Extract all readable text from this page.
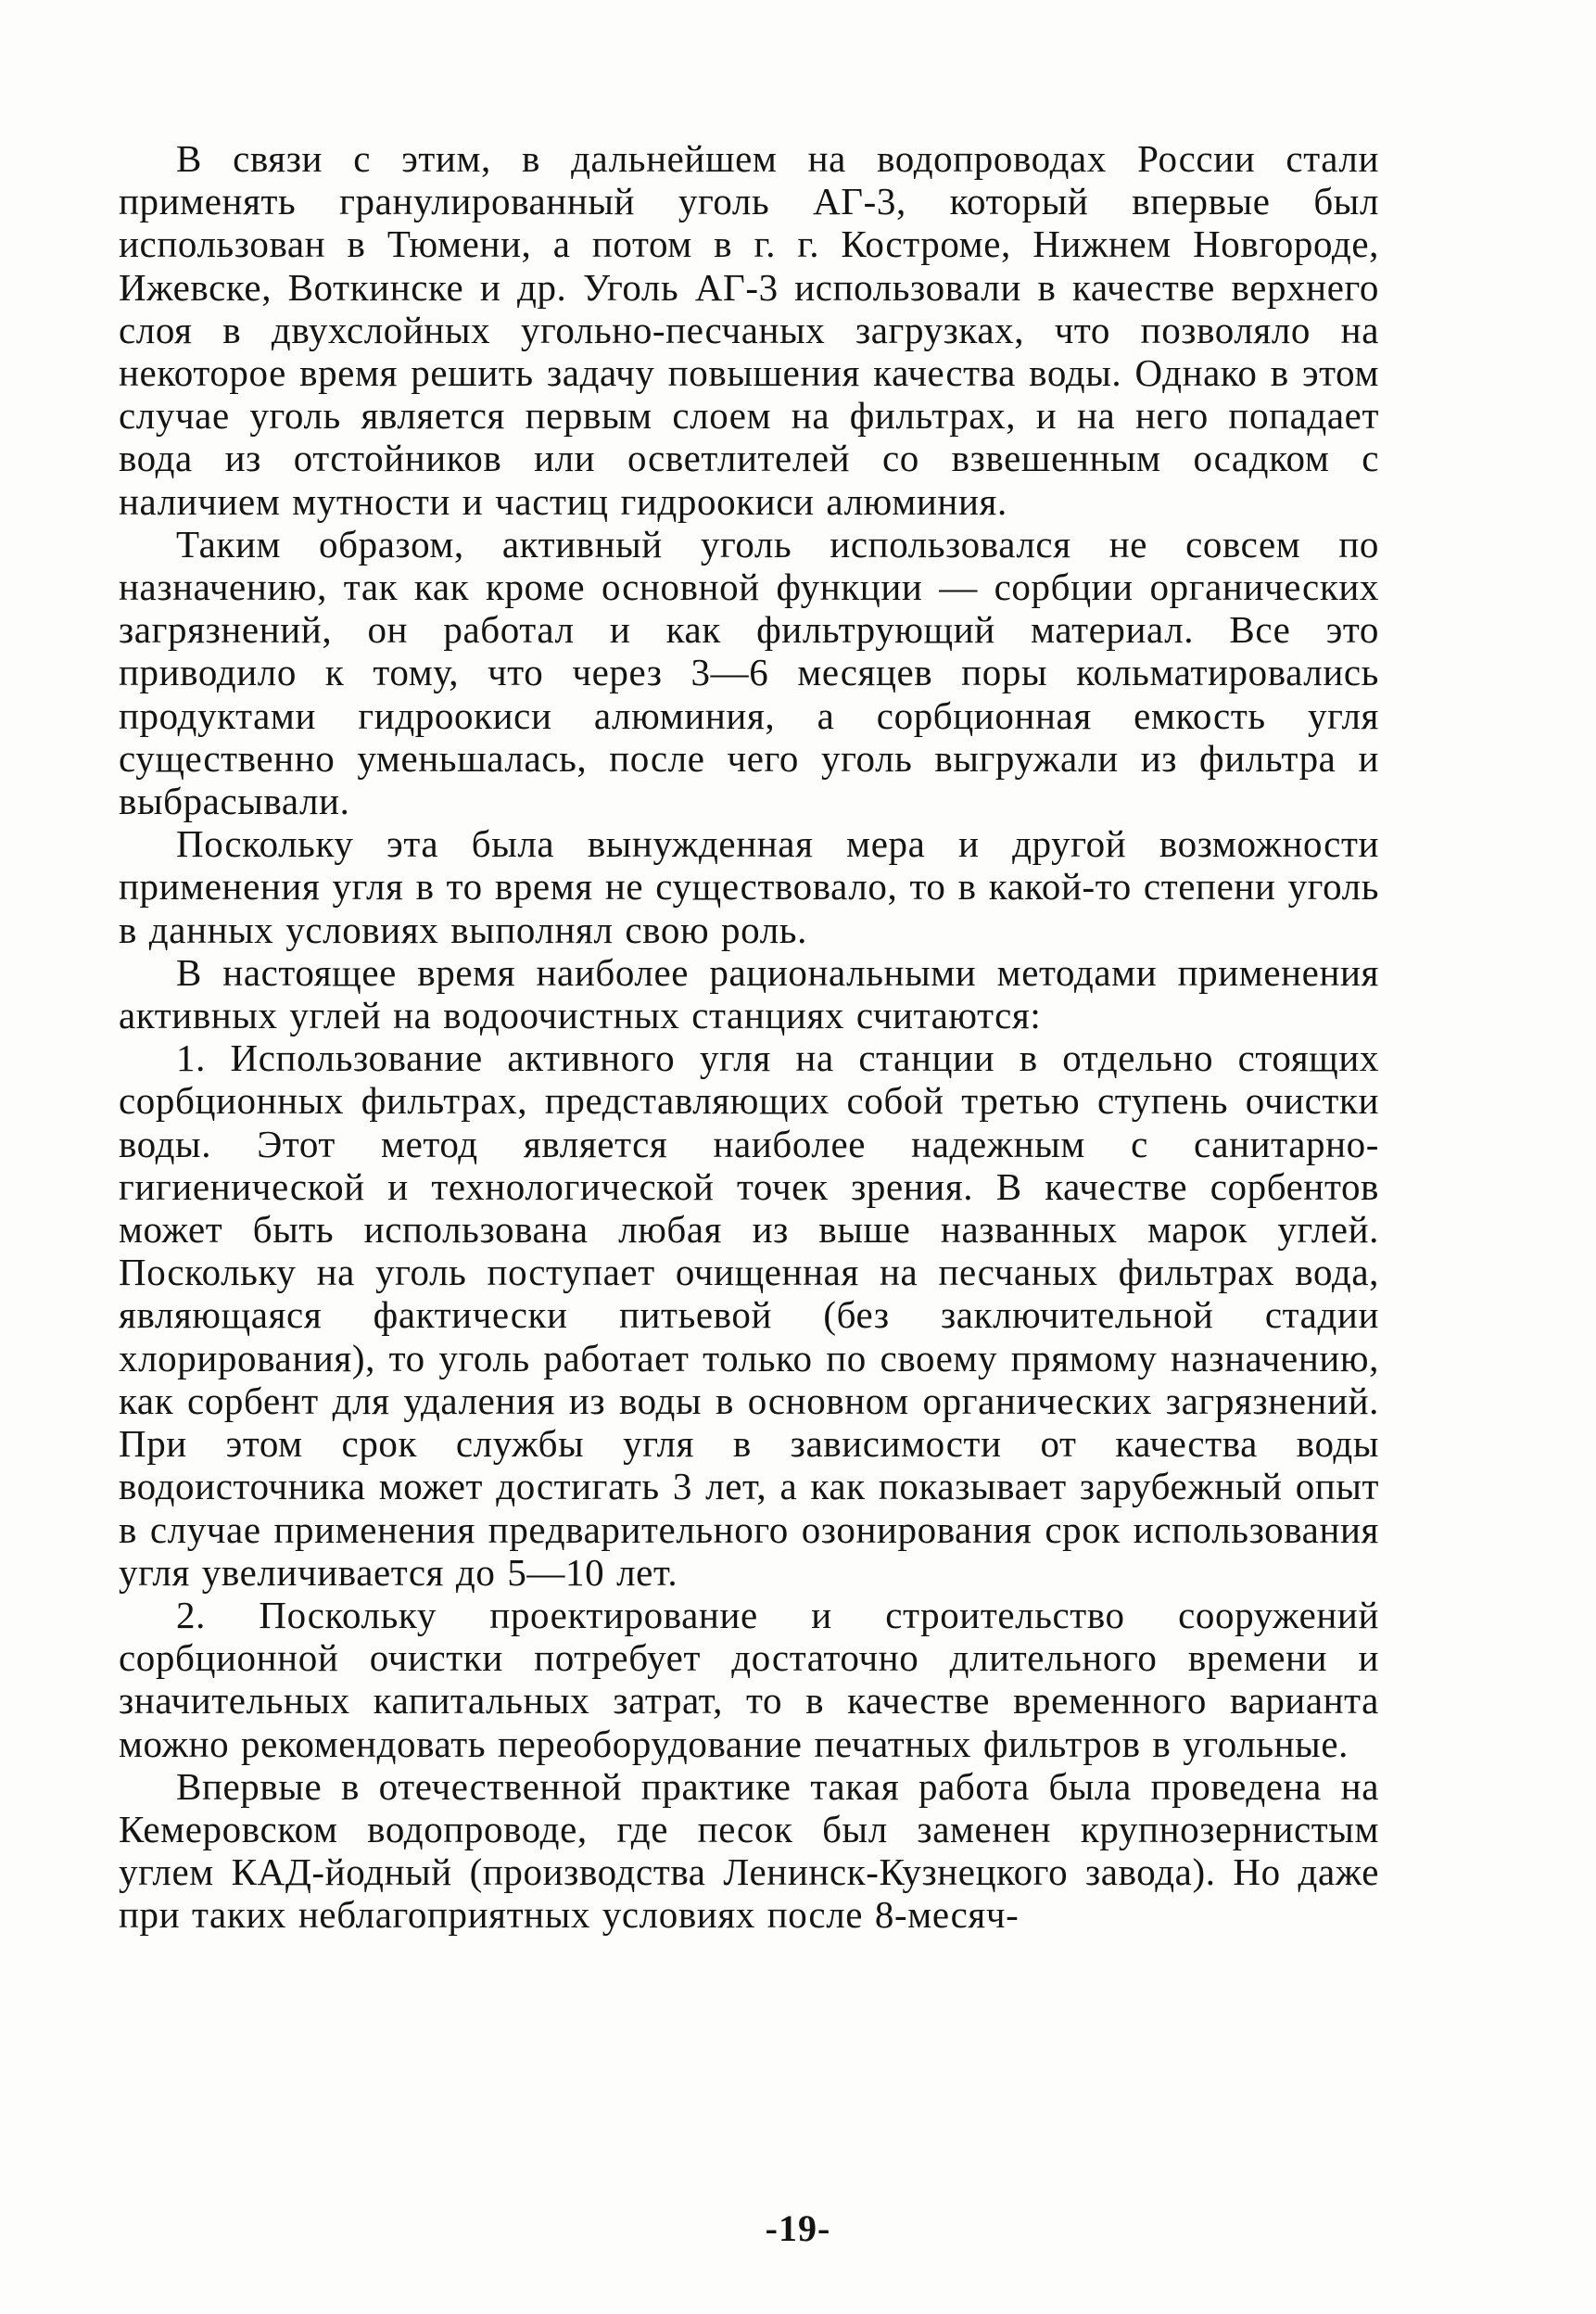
В связи с этим, в дальнейшем на водопроводах России стали применять гранулированный уголь АГ-3, который впервые был использован в Тюмени, а потом в г. г. Костроме, Нижнем Новгороде, Ижевске, Воткинске и др. Уголь АГ-3 использовали в качестве верхнего слоя в двухслойных угольно-песчаных загрузках, что позволяло на некоторое время решить задачу повышения качества воды. Однако в этом случае уголь является первым слоем на фильтрах, и на него попадает вода из отстойников или осветлителей со взвешенным осадком с наличием мутности и частиц гидроокиси алюминия.

Таким образом, активный уголь использовался не совсем по назначению, так как кроме основной функции — сорбции органических загрязнений, он работал и как фильтрующий материал. Все это приводило к тому, что через 3—6 месяцев поры кольматировались продуктами гидроокиси алюминия, а сорбционная емкость угля существенно уменьшалась, после чего уголь выгружали из фильтра и выбрасывали.

Поскольку эта была вынужденная мера и другой возможности применения угля в то время не существовало, то в какой-то степени уголь в данных условиях выполнял свою роль.

В настоящее время наиболее рациональными методами применения активных углей на водоочистных станциях считаются:

1. Использование активного угля на станции в отдельно стоящих сорбционных фильтрах, представляющих собой третью ступень очистки воды. Этот метод является наиболее надежным с санитарно-гигиенической и технологической точек зрения. В качестве сорбентов может быть использована любая из выше названных марок углей. Поскольку на уголь поступает очищенная на песчаных фильтрах вода, являющаяся фактически питьевой (без заключительной стадии хлорирования), то уголь работает только по своему прямому назначению, как сорбент для удаления из воды в основном органических загрязнений. При этом срок службы угля в зависимости от качества воды водоисточника может достигать 3 лет, а как показывает зарубежный опыт в случае применения предварительного озонирования срок использования угля увеличивается до 5—10 лет.

2. Поскольку проектирование и строительство сооружений сорбционной очистки потребует достаточно длительного времени и значительных капитальных затрат, то в качестве временного варианта можно рекомендовать переоборудование печатных фильтров в угольные.

Впервые в отечественной практике такая работа была проведена на Кемеровском водопроводе, где песок был заменен крупнозернистым углем КАД-йодный (производства Ленинск-Кузнецкого завода). Но даже при таких неблагоприятных условиях после 8-месяч-

-19-
